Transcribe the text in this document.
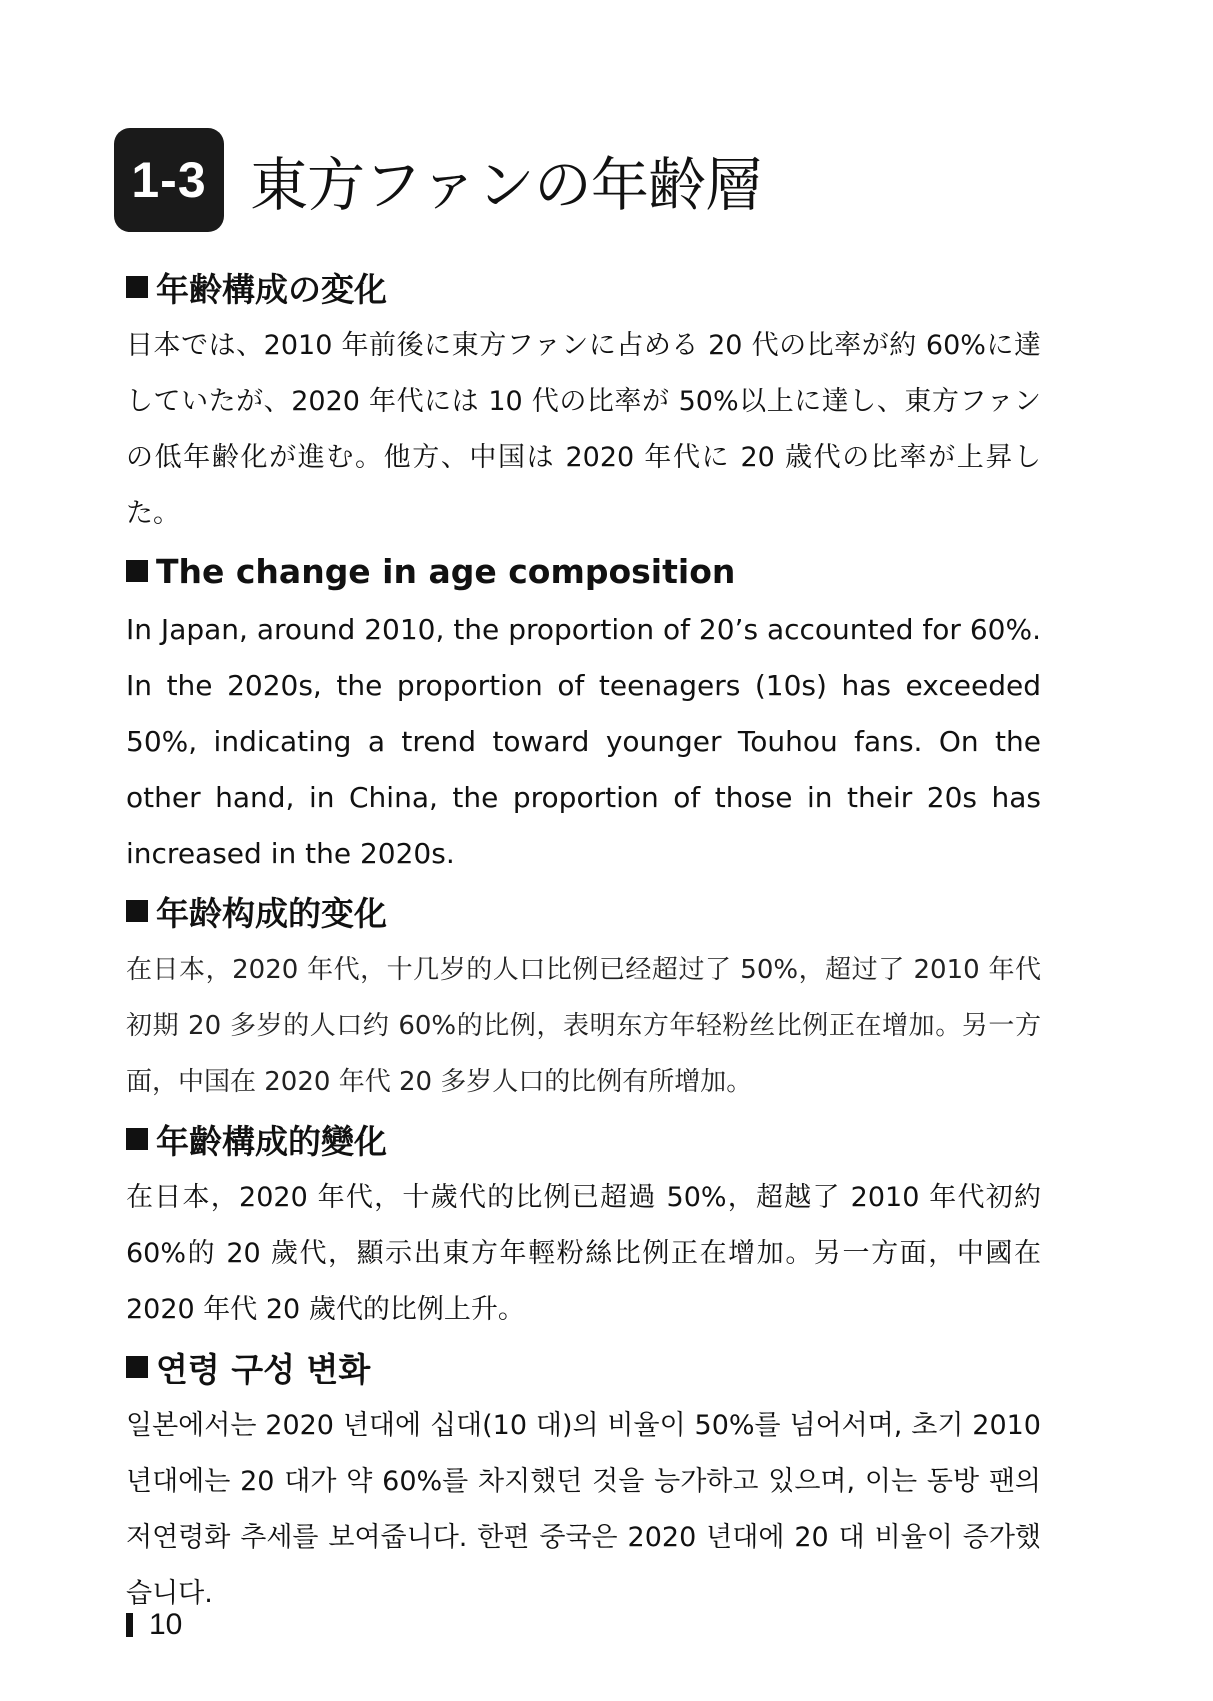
1-3 東方ファンの年齢層
年齢構成の変化

日本では、2010 年前後に東方ファンに占める 20 代の比率が約 60%に達していたが、2020 年代には 10 代の比率が 50%以上に達し、東方ファンの低年齢化が進む。他方、中国は 2020 年代に 20 歳代の比率が上昇した。

The change in age composition

In Japan, around 2010, the proportion of 20’s accounted for 60%. In the 2020s, the proportion of teenagers (10s) has exceeded 50%, indicating a trend toward younger Touhou fans. On the other hand, in China, the proportion of those in their 20s has increased in the 2020s.

年龄构成的变化

在日本，2020 年代，十几岁的人口比例已经超过了 50%，超过了 2010 年代初期 20 多岁的人口约 60%的比例，表明东方年轻粉丝比例正在增加。另一方面，中国在 2020 年代 20 多岁人口的比例有所增加。

年齡構成的變化

在日本，2020 年代，十歲代的比例已超過 50%，超越了 2010 年代初約 60%的 20 歲代，顯示出東方年輕粉絲比例正在增加。另一方面，中國在 2020 年代 20 歲代的比例上升。

연령 구성 변화

일본에서는 2020 년대에 십대(10 대)의 비율이 50%를 넘어서며, 초기 2010 년대에는 20 대가 약 60%를 차지했던 것을 능가하고 있으며, 이는 동방 팬의 저연령화 추세를 보여줍니다. 한편 중국은 2020 년대에 20 대 비율이 증가했습니다.

10
